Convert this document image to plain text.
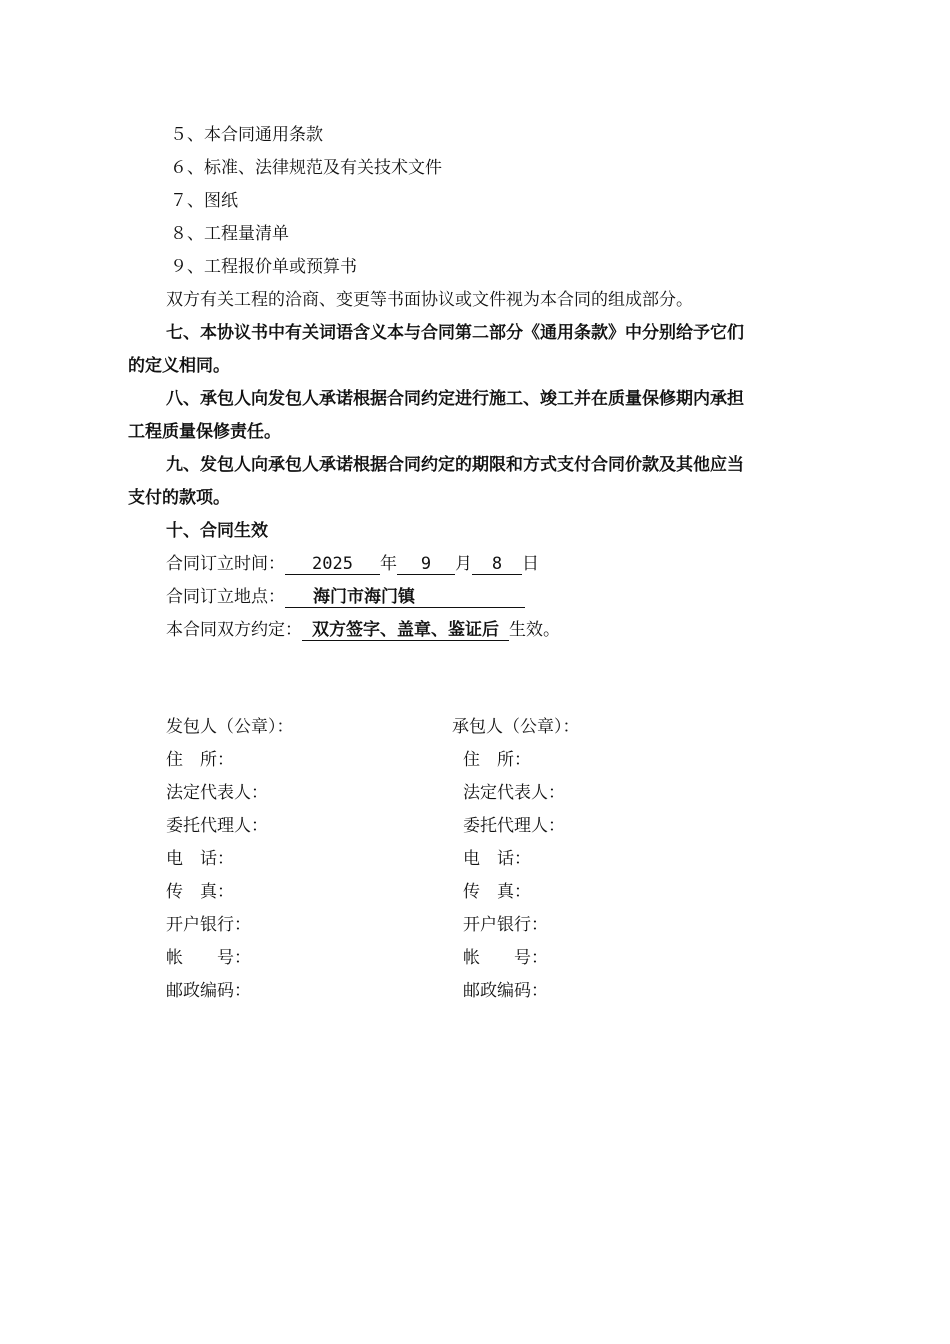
５、本合同通用条款
６、标准、法律规范及有关技术文件
７、图纸
８、工程量清单
９、工程报价单或预算书
双方有关工程的洽商、变更等书面协议或文件视为本合同的组成部分。
七、本协议书中有关词语含义本与合同第二部分《通用条款》中分别给予它们
的定义相同。
八、承包人向发包人承诺根据合同约定进行施工、竣工并在质量保修期内承担
工程质量保修责任。
九、发包人向承包人承诺根据合同约定的期限和方式支付合同价款及其他应当
支付的款项。
十、合同生效
合同订立时间： 2025 年 9 月 8 日
合同订立地点： 海门市海门镇
本合同双方约定： 双方签字、盖章、鉴证后 生效。
发包人（公章）：
住　所：
法定代表人：
委托代理人：
电　话：
传　真：
开户银行：
帐　　号：
邮政编码：
承包人（公章）：
住　所：
法定代表人：
委托代理人：
电　话：
传　真：
开户银行：
帐　　号：
邮政编码：
